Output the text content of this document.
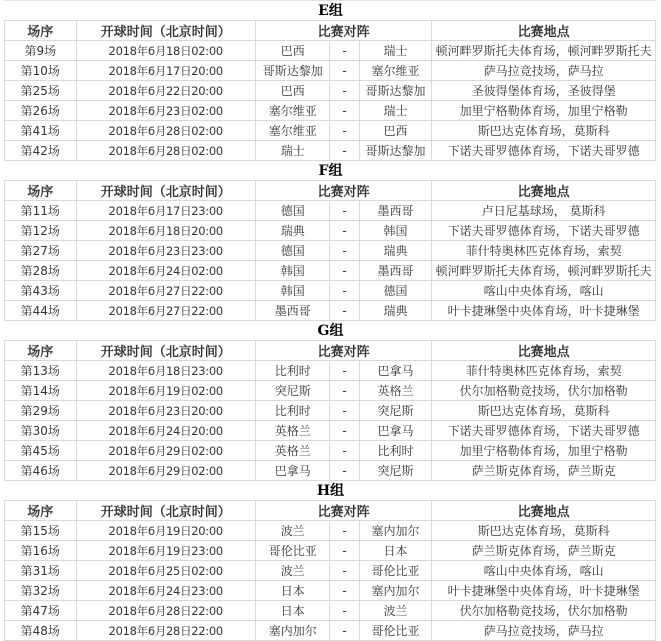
E组
场序	开球时间（北京时间）	比赛对阵			比赛地点
第9场	2018年6月18日02:00	巴西	-	瑞士	顿河畔罗斯托夫体育场，顿河畔罗斯托夫
第10场	2018年6月17日20:00	哥斯达黎加	-	塞尔维亚	萨马拉竞技场，萨马拉
第25场	2018年6月22日20:00	巴西	-	哥斯达黎加	圣彼得堡体育场，圣彼得堡
第26场	2018年6月23日02:00	塞尔维亚	-	瑞士	加里宁格勒体育场，加里宁格勒
第41场	2018年6月28日02:00	塞尔维亚	-	巴西	斯巴达克体育场，莫斯科
第42场	2018年6月28日02:00	瑞士	-	哥斯达黎加	下诺夫哥罗德体育场，下诺夫哥罗德
F组
场序	开球时间（北京时间）	比赛对阵			比赛地点
第11场	2018年6月17日23:00	德国	-	墨西哥	卢日尼基球场， 莫斯科
第12场	2018年6月18日20:00	瑞典	-	韩国	下诺夫哥罗德体育场，下诺夫哥罗德
第27场	2018年6月23日23:00	德国	-	瑞典	菲什特奥林匹克体育场，索契
第28场	2018年6月24日02:00	韩国	-	墨西哥	顿河畔罗斯托夫体育场，顿河畔罗斯托夫
第43场	2018年6月27日22:00	韩国	-	德国	喀山中央体育场，喀山
第44场	2018年6月27日22:00	墨西哥	-	瑞典	叶卡捷琳堡中央体育场，叶卡捷琳堡
G组
场序	开球时间（北京时间）	比赛对阵			比赛地点
第13场	2018年6月18日23:00	比利时	-	巴拿马	菲什特奥林匹克体育场，索契
第14场	2018年6月19日02:00	突尼斯	-	英格兰	伏尔加格勒竞技场，伏尔加格勒
第29场	2018年6月23日20:00	比利时	-	突尼斯	斯巴达克体育场，莫斯科
第30场	2018年6月24日20:00	英格兰	-	巴拿马	下诺夫哥罗德体育场，下诺夫哥罗德
第45场	2018年6月29日02:00	英格兰	-	比利时	加里宁格勒体育场，加里宁格勒
第46场	2018年6月29日02:00	巴拿马	-	突尼斯	萨兰斯克体育场，萨兰斯克
H组
场序	开球时间（北京时间）	比赛对阵			比赛地点
第15场	2018年6月19日20:00	波兰	-	塞内加尔	斯巴达克体育场，莫斯科
第16场	2018年6月19日23:00	哥伦比亚	-	日本	萨兰斯克体育场，萨兰斯克
第31场	2018年6月25日02:00	波兰	-	哥伦比亚	喀山中央体育场，喀山
第32场	2018年6月24日23:00	日本	-	塞内加尔	叶卡捷琳堡中央体育场，叶卡捷琳堡
第47场	2018年6月28日22:00	日本	-	波兰	伏尔加格勒竞技场，伏尔加格勒
第48场	2018年6月28日22:00	塞内加尔	-	哥伦比亚	萨马拉竞技场，萨马拉
